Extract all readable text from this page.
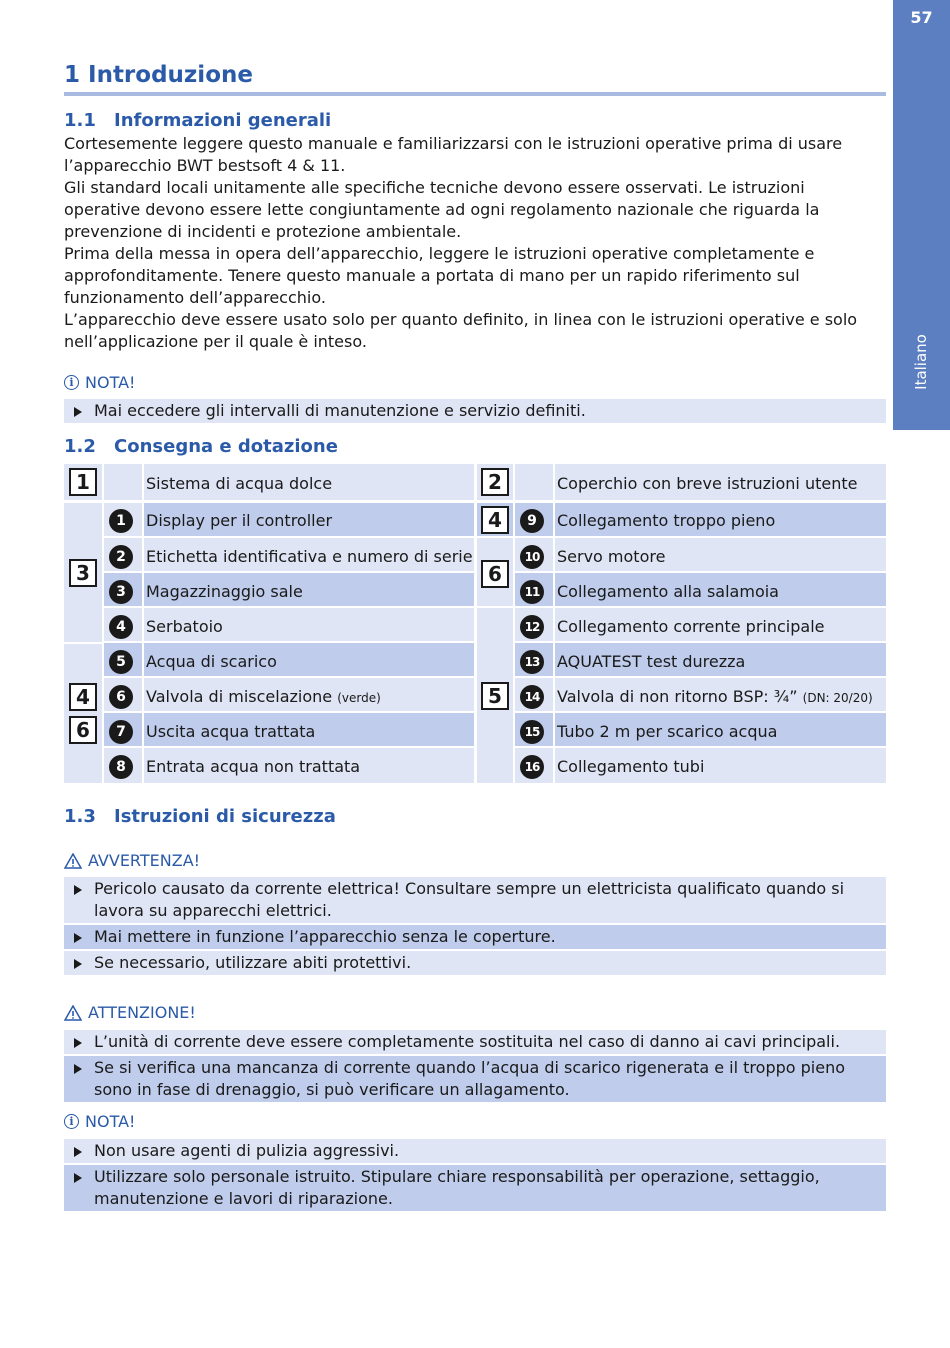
57
Italiano
1 Introduzione
1.1 Informazioni generali

Cortesemente leggere questo manuale e familiarizzarsi con le istruzioni operative prima di usare l’apparecchio BWT bestsoft 4 & 11.

Gli standard locali unitamente alle specifiche tecniche devono essere osservati. Le istruzioni operative devono essere lette congiuntamente ad ogni regolamento nazionale che riguarda la prevenzione di incidenti e protezione ambientale.

Prima della messa in opera dell’apparecchio, leggere le istruzioni operative completamente e approfonditamente. Tenere questo manuale a portata di mano per un rapido riferimento sul funzionamento dell’apparecchio.

L’apparecchio deve essere usato solo per quanto definito, in linea con le istruzioni operative e solo nell’applicazione per il quale è inteso.

i NOTA!
Mai eccedere gli intervalli di manutenzione e servizio definiti.
1.2 Consegna e dotazione
1
3
4
6
2
4
6
5
1
2
3
4
5
6
7
8
9
10
11
12
13
14
15
16
Sistema di acqua dolce
Display per il controller
Etichetta identificativa e numero di serie
Magazzinaggio sale
Serbatoio
Acqua di scarico
Valvola di miscelazione (verde)
Uscita acqua trattata
Entrata acqua non trattata
Coperchio con breve istruzioni utente
Collegamento troppo pieno
Servo motore
Collegamento alla salamoia
Collegamento corrente principale
AQUATEST test durezza
Valvola di non ritorno BSP: ¾” (DN: 20/20)
Tubo 2 m per scarico acqua
Collegamento tubi
1.3 Istruzioni di sicurezza
AVVERTENZA!
Pericolo causato da corrente elettrica! Consultare sempre un elettricista qualificato quando si lavora su apparecchi elettrici.
Mai mettere in funzione l’apparecchio senza le coperture.
Se necessario, utilizzare abiti protettivi.
ATTENZIONE!
L’unità di corrente deve essere completamente sostituita nel caso di danno ai cavi principali.
Se si verifica una mancanza di corrente quando l’acqua di scarico rigenerata e il troppo pieno sono in fase di drenaggio, si può verificare un allagamento.
i NOTA!
Non usare agenti di pulizia aggressivi.
Utilizzare solo personale istruito. Stipulare chiare responsabilità per operazione, settaggio, manutenzione e lavori di riparazione.
